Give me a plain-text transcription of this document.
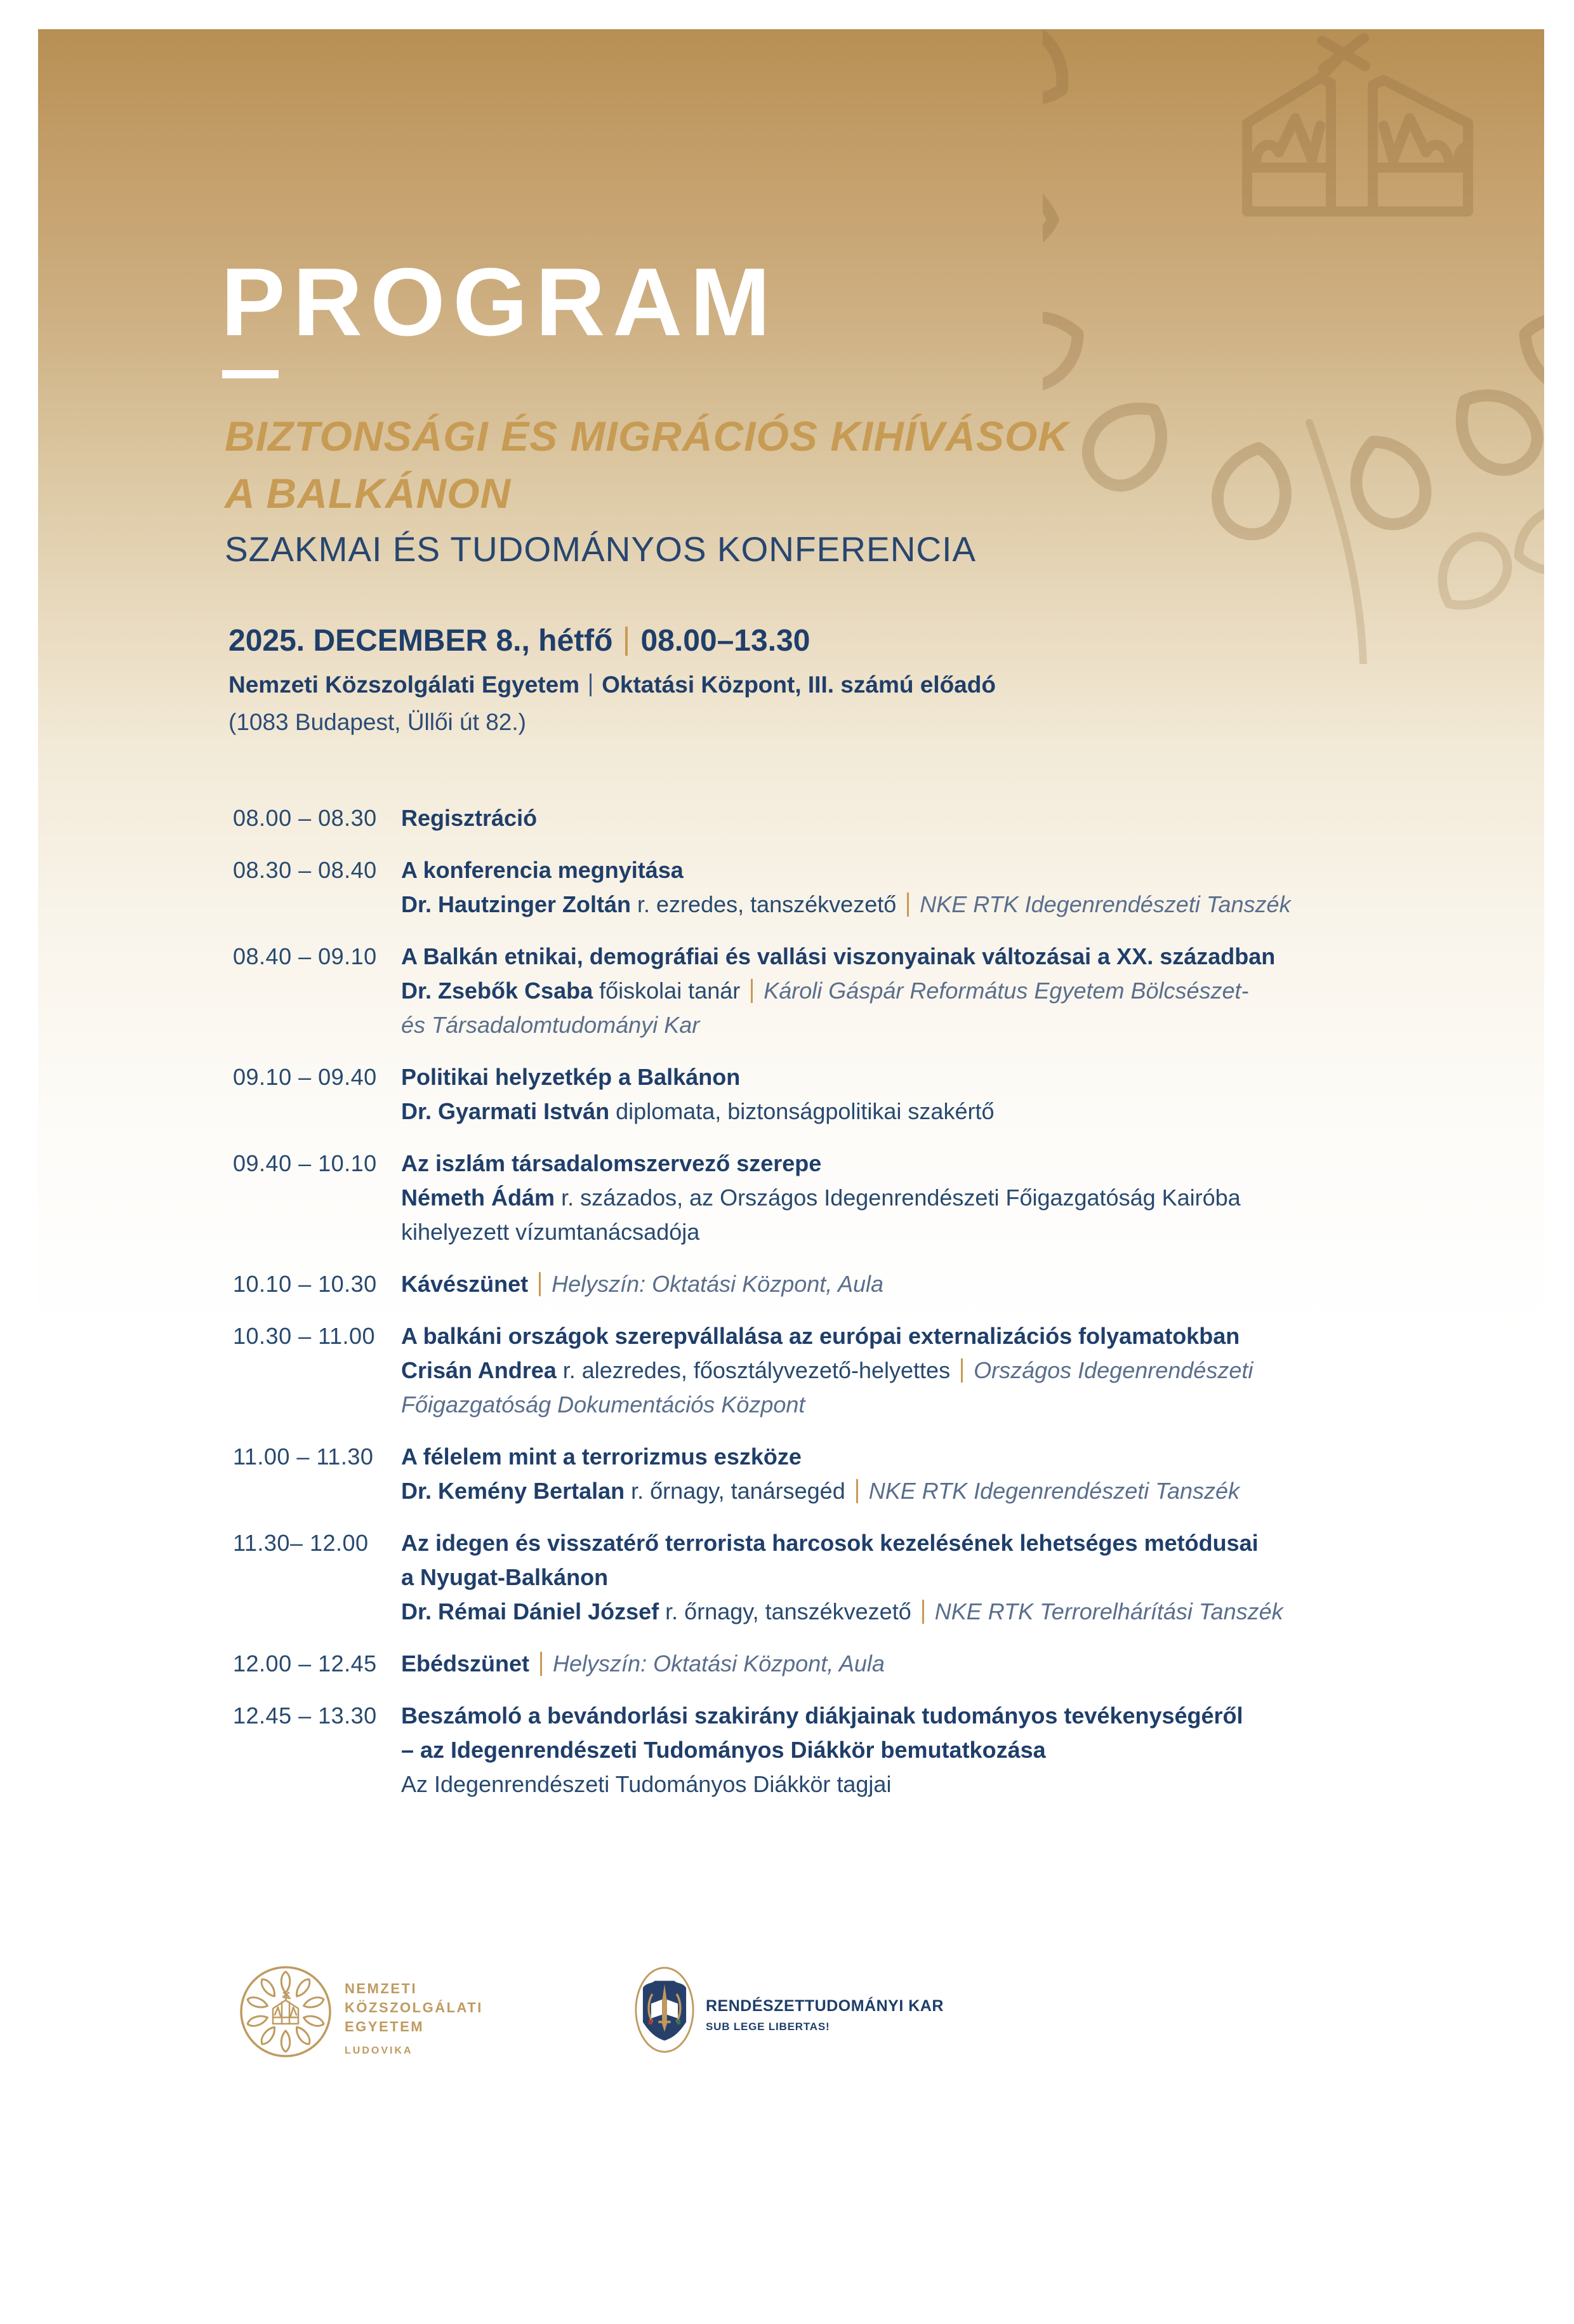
PROGRAM
BIZTONSÁGI ÉS MIGRÁCIÓS KIHÍVÁSOK
A BALKÁNON
SZAKMAI ÉS TUDOMÁNYOS KONFERENCIA
2025. DECEMBER 8., hétfő 08.00–13.30
Nemzeti Közszolgálati Egyetem Oktatási Központ, III. számú előadó
(1083 Budapest, Üllői út 82.)
08.00 – 08.30	Regisztráció
08.30 – 08.40	A konferencia megnyitása
Dr. Hautzinger Zoltán r. ezredes, tanszékvezető NKE RTK Idegenrendészeti Tanszék
08.40 – 09.10	A Balkán etnikai, demográfiai és vallási viszonyainak változásai a XX. században
Dr. Zsebők Csaba főiskolai tanár Károli Gáspár Református Egyetem Bölcsészet-
és Társadalomtudományi Kar
09.10 – 09.40	Politikai helyzetkép a Balkánon
Dr. Gyarmati István diplomata, biztonságpolitikai szakértő
09.40 – 10.10	Az iszlám társadalomszervező szerepe
Németh Ádám r. százados, az Országos Idegenrendészeti Főigazgatóság Kairóba
kihelyezett vízumtanácsadója
10.10 – 10.30	Kávészünet Helyszín: Oktatási Központ, Aula
10.30 – 11.00	A balkáni országok szerepvállalása az európai externalizációs folyamatokban
Crisán Andrea r. alezredes, főosztályvezető-helyettes Országos Idegenrendészeti
Főigazgatóság Dokumentációs Központ
11.00 – 11.30	A félelem mint a terrorizmus eszköze
Dr. Kemény Bertalan r. őrnagy, tanársegéd NKE RTK Idegenrendészeti Tanszék
11.30– 12.00	Az idegen és visszatérő terrorista harcosok kezelésének lehetséges metódusai
a Nyugat-Balkánon
Dr. Rémai Dániel József r. őrnagy, tanszékvezető NKE RTK Terrorelhárítási Tanszék
12.00 – 12.45	Ebédszünet Helyszín: Oktatási Központ, Aula
12.45 – 13.30	Beszámoló a bevándorlási szakirány diákjainak tudományos tevékenységéről
– az Idegenrendészeti Tudományos Diákkör bemutatkozása
Az Idegenrendészeti Tudományos Diákkör tagjai
NEMZETI
KÖZSZOLGÁLATI
EGYETEM
LUDOVIKA
RENDÉSZETTUDOMÁNYI KAR
SUB LEGE LIBERTAS!
